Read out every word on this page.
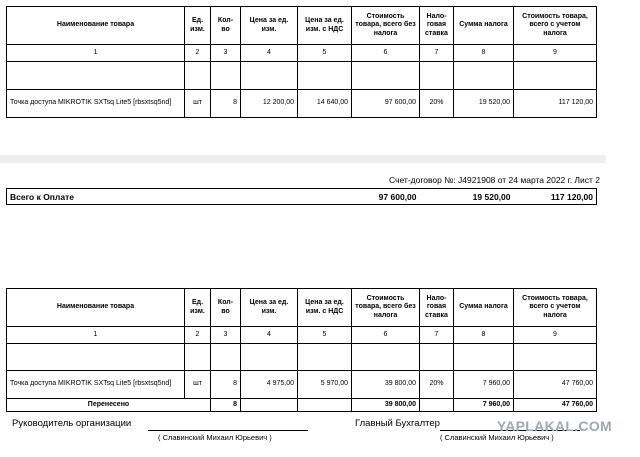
Наименование товара	Ед. изм.	Кол-во	Цена за ед. изм.	Цена за ед. изм. с НДС	Стоимость товара, всего без налога	Нало-говая ставка	Сумма налога	Стоимость товара, всего с учетом налога
1	2	3	4	5	6	7	8	9

Точка доступа MIKROTIK SXTsq Lite5 [rbsxtsq5nd]	шт	8	12 200,00	14 640,00	97 600,00	20%	19 520,00	117 120,00
Счет-договор №: J4921908 от 24 марта 2022 г. Лист 2
Всего к Оплате			97 600,00		19 520,00	117 120,00
Наименование товара	Ед. изм.	Кол-во	Цена за ед. изм.	Цена за ед. изм. с НДС	Стоимость товара, всего без налога	Нало-говая ставка	Сумма налога	Стоимость товара, всего с учетом налога
1	2	3	4	5	6	7	8	9

Точка доступа MIKROTIK SXTsq Lite5 [rbsxtsq5nd]	шт	8	4 975,00	5 970,00	39 800,00	20%	7 960,00	47 760,00
Перенесено		8			39 800,00		7 960,00	47 760,00
Руководитель организации
( Славинский Михаил Юрьевич )
Главный Бухгалтер
( Славинский Михаил Юрьевич )
YAPLAKAL.COM
